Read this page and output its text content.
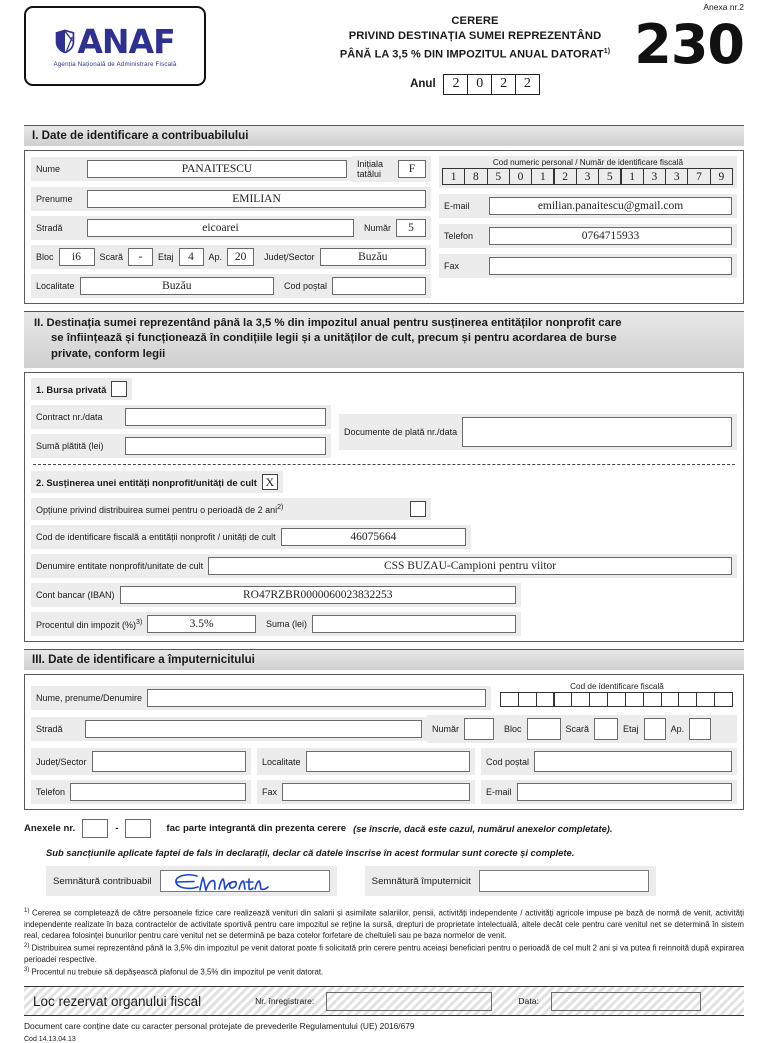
ANAF
Agenția Națională de Administrare Fiscală
CERERE
PRIVIND DESTINAȚIA SUMEI REPREZENTÂND
PÂNĂ LA 3,5 % DIN IMPOZITUL ANUAL DATORAT$^{1)}$
Anul	2	0	2	2
Anexa nr.2
230
I. Date de identificare a contribuabilului
Nume	PANAITESCU	Inițiala tatălui	F
Prenume	EMILIAN
Stradă	eicoarei	Număr	5
Bloc	i6	Scară	-	Etaj	4	Ap.	20	Județ/Sector	Buzău
Localitate	Buzău	Cod poștal
Cod numeric personal / Număr de identificare fiscală
1	8	5	0	1	2	3	5	1	3	3	7	9
E-mail	emilian.panaitescu@gmail.com
Telefon	0764715933
Fax
II. Destinația sumei reprezentând până la 3,5 % din impozitul anual pentru susținerea entităților nonprofit care
se înființează și funcționează în condițiile legii și a unităților de cult, precum și pentru acordarea de burse
private, conform legii
1. Bursa privată
Contract nr./data
Sumă plătită (lei)
Documente de plată nr./data
2. Susținerea unei entități nonprofit/unități de cult X
Opțiune privind distribuirea sumei pentru o perioadă de 2 ani$^{2)}$
Cod de identificare fiscală a entității nonprofit / unități de cult	46075664
Denumire entitate nonprofit/unitate de cult	CSS BUZAU-Campioni pentru viitor
Cont bancar (IBAN)	RO47RZBR0000060023832253
Procentul din impozit (%)$^{3)}$	3.5%	Suma (lei)
III. Date de identificare a împuternicitului
Nume, prenume/Denumire
Cod de identificare fiscală
Stradă	Număr	Bloc	Scară	Etaj	Ap.
Județ/Sector	Localitate	Cod poștal
Telefon	Fax	E-mail
Anexele nr.	-	fac parte integrantă din prezenta cerere (se înscrie, dacă este cazul, numărul anexelor completate).
Sub sancțiunile aplicate faptei de fals în declarații, declar că datele înscrise în acest formular sunt corecte și complete.
Semnătură contribuabil	Semnătură împuternicit

$^{1)}$ Cererea se completează de către persoanele fizice care realizează venituri din salarii și asimilate salariilor, pensii, activități independente / activități agricole impuse pe bază de normă de venit, activități independente realizate în baza contractelor de activitate sportivă pentru care impozitul se reține la sursă, drepturi de proprietate intelectuală, altele decât cele pentru care venitul net se determină în sistem real, cedarea folosinței bunurilor pentru care venitul net se determină pe baza cotelor forfetare de cheltuieli sau pe baza normelor de venit.

$^{2)}$ Distribuirea sumei reprezentând până la 3,5% din impozitul pe venit datorat poate fi solicitată prin cerere pentru aceiași beneficiari pentru o perioadă de cel mult 2 ani și va putea fi reinnoită după expirarea perioadei respective.

$^{3)}$ Procentul nu trebuie să depășească plafonul de 3,5% din impozitul pe venit datorat.

Loc rezervat organului fiscal	Nr. înregistrare:	Data:
Document care conține date cu caracter personal protejate de prevederile Regulamentului (UE) 2016/679
Cod 14.13.04.13
